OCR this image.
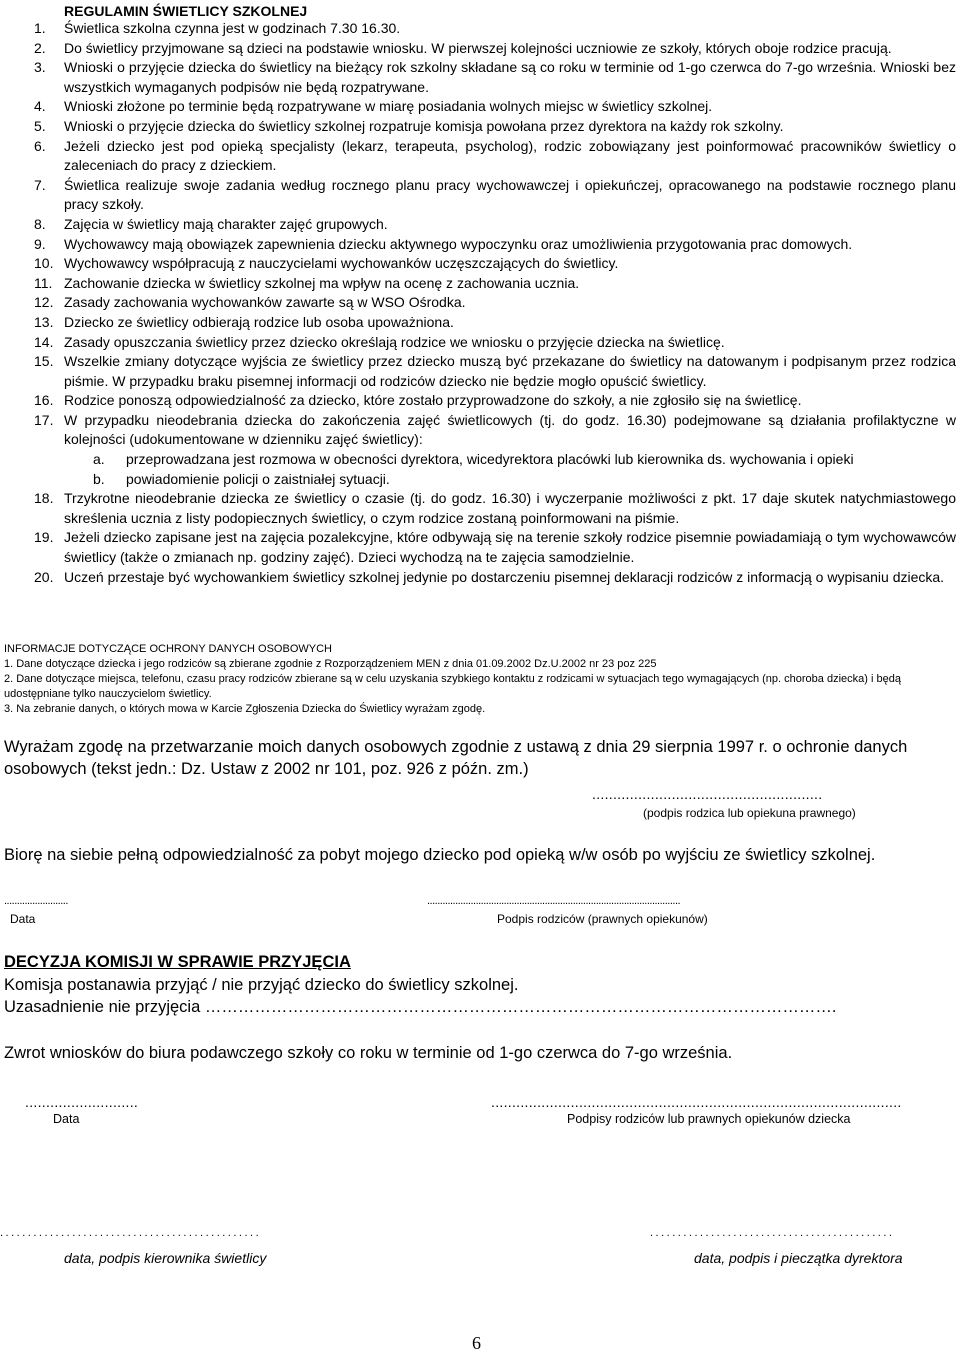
REGULAMIN ŚWIETLICY SZKOLNEJ
1. Świetlica szkolna czynna jest w godzinach 7.30 16.30.
2. Do świetlicy przyjmowane są dzieci na podstawie wniosku. W pierwszej kolejności uczniowie ze szkoły, których oboje rodzice pracują.
3. Wnioski o przyjęcie dziecka do świetlicy na bieżący rok szkolny składane są co roku w terminie od 1-go czerwca do 7-go września. Wnioski bez wszystkich wymaganych podpisów nie będą rozpatrywane.
4. Wnioski złożone po terminie będą rozpatrywane w miarę posiadania wolnych miejsc w świetlicy szkolnej.
5. Wnioski o przyjęcie dziecka do świetlicy szkolnej rozpatruje komisja powołana przez dyrektora na każdy rok szkolny.
6. Jeżeli dziecko jest pod opieką specjalisty (lekarz, terapeuta, psycholog), rodzic zobowiązany jest poinformować pracowników świetlicy o zaleceniach do pracy z dzieckiem.
7. Świetlica realizuje swoje zadania według rocznego planu pracy wychowawczej i opiekuńczej, opracowanego na podstawie rocznego planu pracy szkoły.
8. Zajęcia w świetlicy mają charakter zajęć grupowych.
9. Wychowawcy mają obowiązek zapewnienia dziecku aktywnego wypoczynku oraz umożliwienia przygotowania prac domowych.
10. Wychowawcy współpracują z nauczycielami wychowanków uczęszczających do świetlicy.
11. Zachowanie dziecka w świetlicy szkolnej ma wpływ na ocenę z zachowania ucznia.
12. Zasady zachowania wychowanków zawarte są w WSO Ośrodka.
13. Dziecko ze świetlicy odbierają rodzice lub osoba upoważniona.
14. Zasady opuszczania świetlicy przez dziecko określają rodzice we wniosku o przyjęcie dziecka na świetlicę.
15. Wszelkie zmiany dotyczące wyjścia ze świetlicy przez dziecko muszą być przekazane do świetlicy na datowanym i podpisanym przez rodzica piśmie. W przypadku braku pisemnej informacji od rodziców dziecko nie będzie mogło opuścić świetlicy.
16. Rodzice ponoszą odpowiedzialność za dziecko, które zostało przyprowadzone do szkoły, a nie zgłosiło się na świetlicę.
17. W przypadku nieodebrania dziecka do zakończenia zajęć świetlicowych (tj. do godz. 16.30) podejmowane są działania profilaktyczne w kolejności (udokumentowane w dzienniku zajęć świetlicy):
a. przeprowadzana jest rozmowa w obecności dyrektora, wicedyrektora placówki lub kierownika ds. wychowania i opieki
b. powiadomienie policji o zaistniałej sytuacji.
18. Trzykrotne nieodebranie dziecka ze świetlicy o czasie (tj. do godz. 16.30) i wyczerpanie możliwości z pkt. 17 daje skutek natychmiastowego skreślenia ucznia z listy podopiecznych świetlicy, o czym rodzice zostaną poinformowani na piśmie.
19. Jeżeli dziecko zapisane jest na zajęcia pozalekcyjne, które odbywają się na terenie szkoły rodzice pisemnie powiadamiają o tym wychowawców świetlicy (także o zmianach np. godziny zajęć). Dzieci wychodzą na te zajęcia samodzielnie.
20. Uczeń przestaje być wychowankiem świetlicy szkolnej jedynie po dostarczeniu pisemnej deklaracji rodziców z informacją o wypisaniu dziecka.
INFORMACJE DOTYCZĄCE OCHRONY DANYCH OSOBOWYCH
1. Dane dotyczące dziecka i jego rodziców są zbierane zgodnie z Rozporządzeniem MEN z dnia 01.09.2002 Dz.U.2002 nr 23 poz 225
2. Dane dotyczące miejsca, telefonu, czasu pracy rodziców zbierane są w celu uzyskania szybkiego kontaktu z rodzicami w sytuacjach tego wymagających (np. choroba dziecka) i będą udostępniane tylko nauczycielom świetlicy.
3. Na zebranie danych, o których mowa w Karcie Zgłoszenia Dziecka do Świetlicy wyrażam zgodę.
Wyrażam zgodę na przetwarzanie moich danych osobowych zgodnie z ustawą z dnia 29 sierpnia 1997 r. o ochronie danych osobowych (tekst jedn.: Dz. Ustaw z 2002 nr 101, poz. 926 z późn. zm.)
.......................................................
(podpis rodzica lub opiekuna prawnego)
Biorę na siebie pełną odpowiedzialność za pobyt mojego dziecko pod opieką w/w osób po wyjściu ze świetlicy szkolnej.
.........................	...................................................................................................
Data	Podpis rodziców (prawnych opiekunów)
DECYZJA KOMISJI W SPRAWIE PRZYJĘCIA
Komisja postanawia przyjąć / nie przyjąć dziecko do świetlicy szkolnej.
Uzasadnienie nie przyjęcia …………………………………………………………………………………………………….
Zwrot wniosków do biura podawczego szkoły co roku w terminie od 1-go czerwca do 7-go września.
...........................	..................................................................................................
Data	Podpisy rodziców lub prawnych opiekunów dziecka
...............................................	............................................
data, podpis kierownika świetlicy	data, podpis i pieczątka dyrektora
6
